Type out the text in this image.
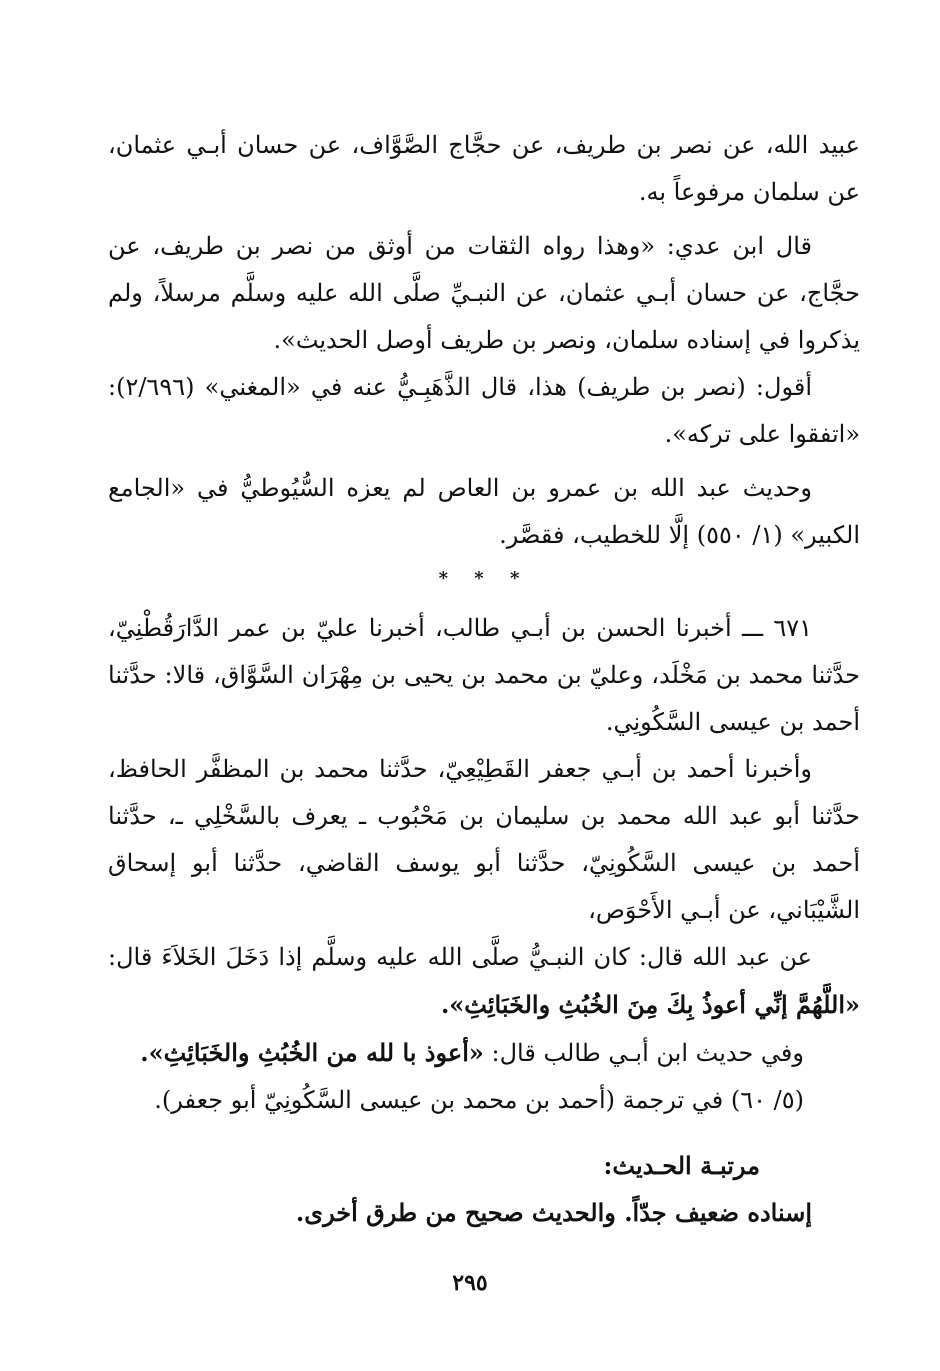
عبيد الله، عن نصر بن طريف، عن حجَّاج الصَّوَّاف، عن حسان أبـي عثمان، عن سلمان مرفوعاً به.

قال ابن عدي: «وهذا رواه الثقات من أوثق من نصر بن طريف، عن حجَّاج، عن حسان أبـي عثمان، عن النبـيِّ صلَّى الله عليه وسلَّم مرسلاً، ولم يذكروا في إسناده سلمان، ونصر بن طريف أوصل الحديث».

أقول: (نصر بن طريف) هذا، قال الذَّهَبِـيُّ عنه في «المغني» (٢/٦٩٦): «اتفقوا على تركه».

وحديث عبد الله بن عمرو بن العاص لم يعزه السُّيُوطيُّ في «الجامع الكبير» (١/ ٥٥٠) إلَّا للخطيب، فقصَّر.

* * *

٦٧١ ـــ أخبرنا الحسن بن أبـي طالب، أخبرنا عليّ بن عمر الدَّارَقُطْنِيّ، حدَّثنا محمد بن مَخْلَد، وعليّ بن محمد بن يحيى بن مِهْرَان السَّوَّاق، قالا: حدَّثنا أحمد بن عيسى السَّكُونِي.

وأخبرنا أحمد بن أبـي جعفر القَطِيْعِيّ، حدَّثنا محمد بن المظفَّر الحافظ، حدَّثنا أبو عبد الله محمد بن سليمان بن مَحْبُوب ـ يعرف بالسَّخْلِي ـ، حدَّثنا أحمد بن عيسى السَّكُونِيّ، حدَّثنا أبو يوسف القاضي، حدَّثنا أبو إسحاق الشَّيْبَاني، عن أبـي الأَحْوَص،

عن عبد الله قال: كان النبـيُّ صلَّى الله عليه وسلَّم إذا دَخَلَ الخَلاَءَ قال: «اللَّهُمَّ إنِّي أعوذُ بِكَ مِنَ الخُبُثِ والخَبَائِثِ».

وفي حديث ابن أبـي طالب قال: «أعوذ با لله من الخُبُثِ والخَبَائِثِ».

(٥/ ٦٠) في ترجمة (أحمد بن محمد بن عيسى السَّكُونِيّ أبو جعفر).

مرتبـة الحـديث:

إسناده ضعيف جدّاً. والحديث صحيح من طرق أخرى.

٢٩٥
